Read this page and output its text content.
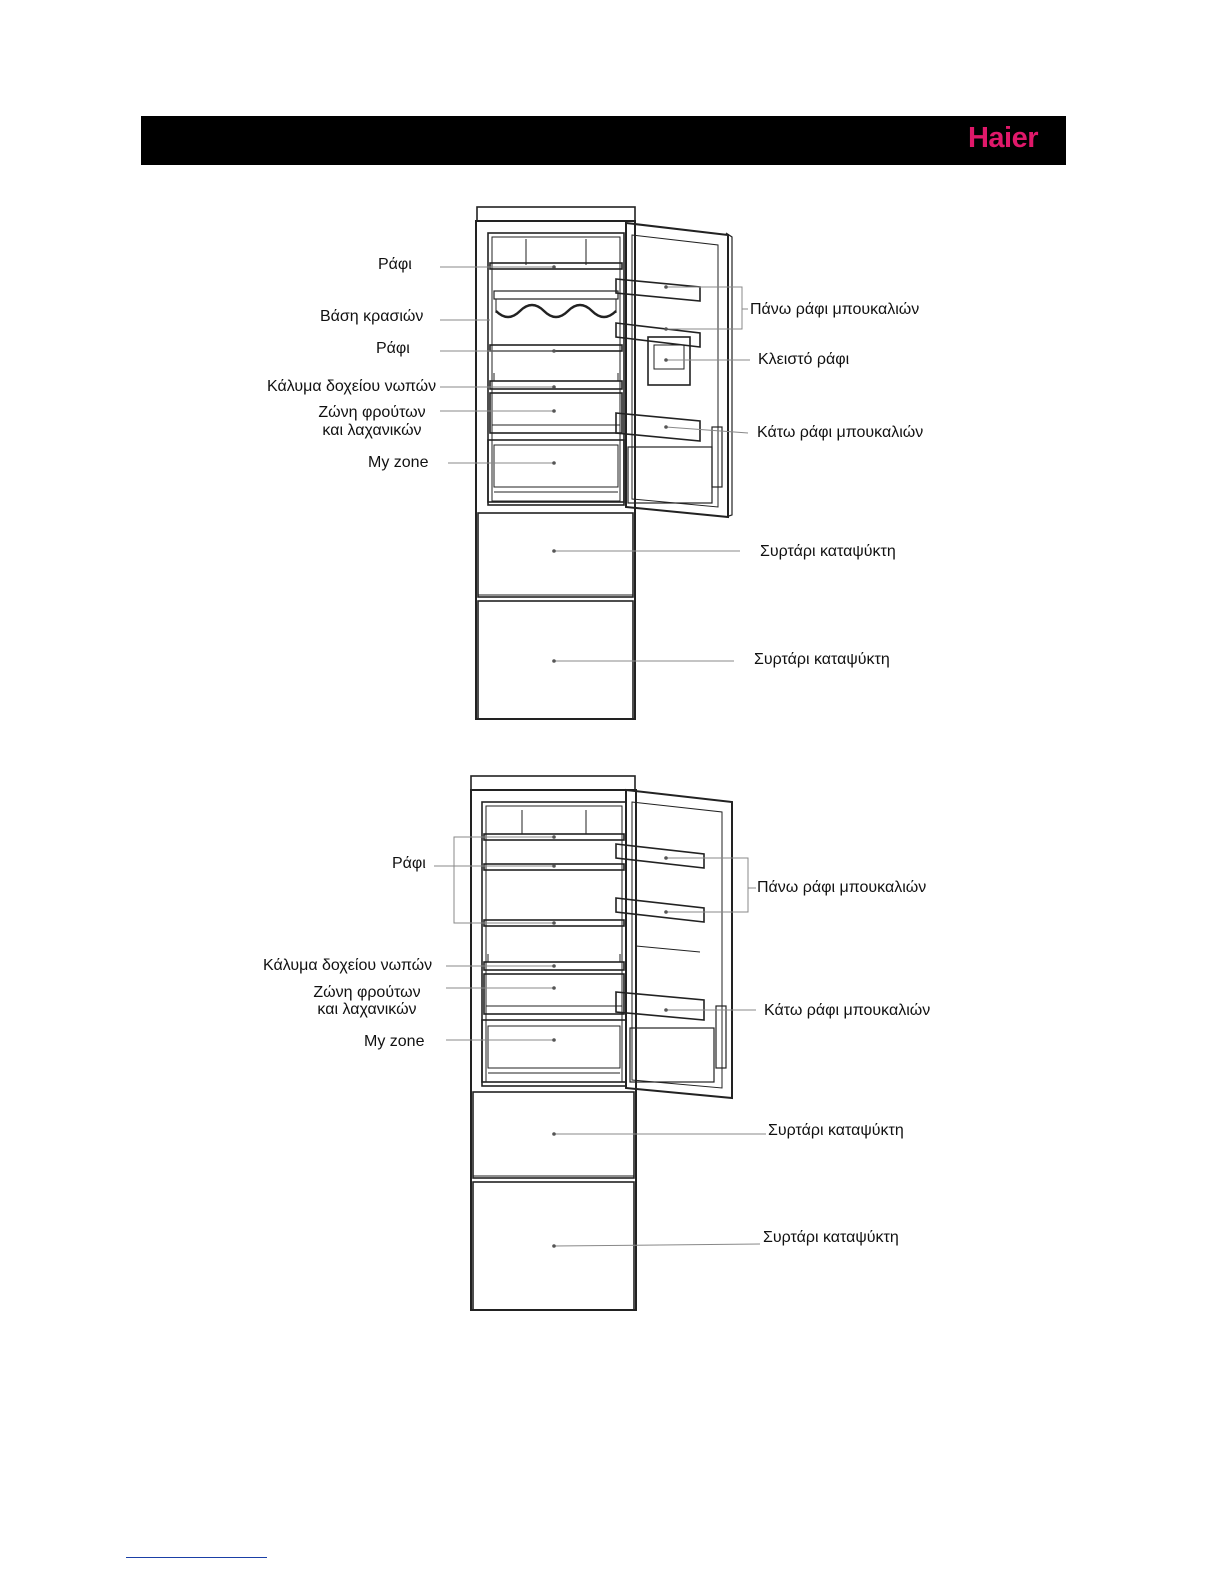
Haier
Ράφι
Βάση κρασιών
Ράφι
Κάλυμα δοχείου νωπών
Ζώνη φρούτων
και λαχανικών
My zone
Πάνω ράφι μπουκαλιών
Κλειστό ράφι
Κάτω ράφι μπουκαλιών
Συρτάρι καταψύκτη
Συρτάρι καταψύκτη
Ράφι
Κάλυμα δοχείου νωπών
Ζώνη φρούτων
και λαχανικών
My zone
Πάνω ράφι μπουκαλιών
Κάτω ράφι μπουκαλιών
Συρτάρι καταψύκτη
Συρτάρι καταψύκτη
